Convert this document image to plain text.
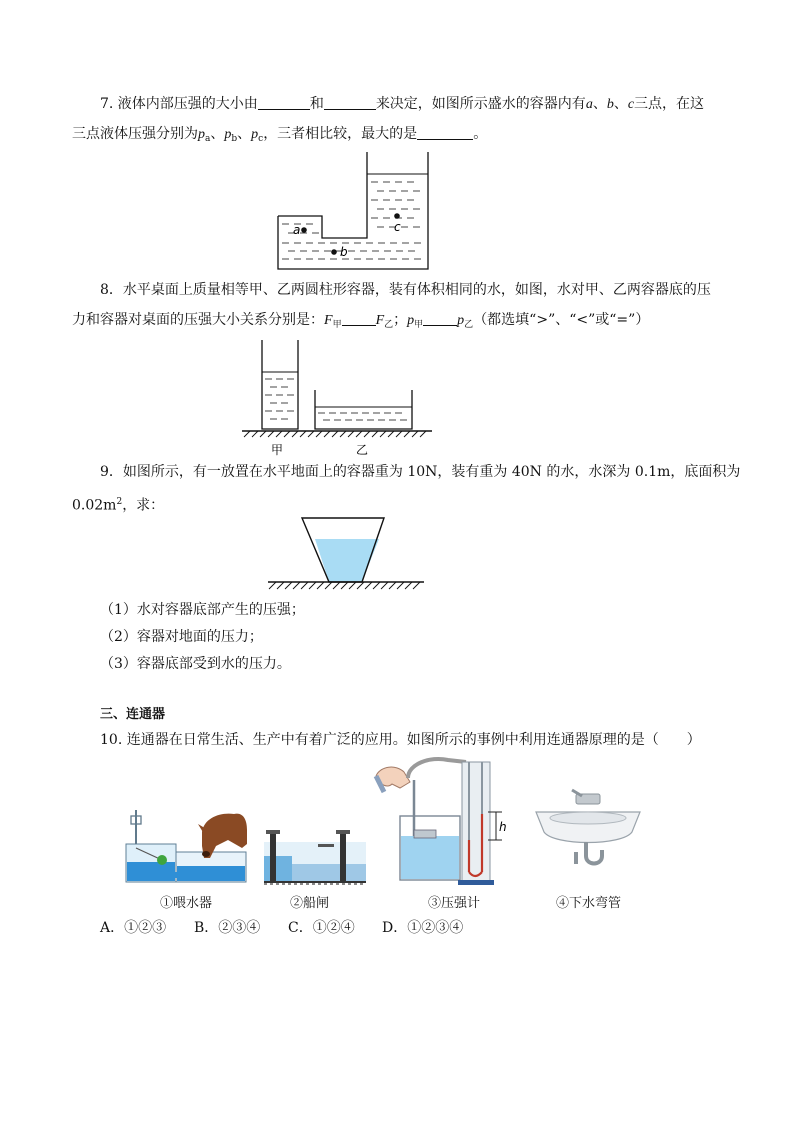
7. 液体内部压强的大小由	和	来决定，如图所示盛水的容器内有a、b、c三点，在这
三点液体压强分别为$p_a$、$p_b$、$p_c$，三者相比较，最大的是	。
a
b
c
8．水平桌面上质量相等甲、乙两圆柱形容器，装有体积相同的水，如图，水对甲、乙两容器底的压
力和容器对桌面的压强大小关系分别是：$F_甲$ $F_乙$；$p_甲$ $p_乙$（都选填“>”、“<”或“=”）
甲	乙
9．如图所示，有一放置在水平地面上的容器重为 10N，装有重为 40N 的水，水深为 0.1m，底面积为
$0.02m^2$，求：
（1）水对容器底部产生的压强；
（2）容器对地面的压力；
（3）容器底部受到水的压力。
三、连通器
10. 连通器在日常生活、生产中有着广泛的应用。如图所示的事例中利用连通器原理的是（　　）
h
①喂水器	②船闸	③压强计	④下水弯管
A．①②③ B．②③④ C．①②④ D．①②③④
